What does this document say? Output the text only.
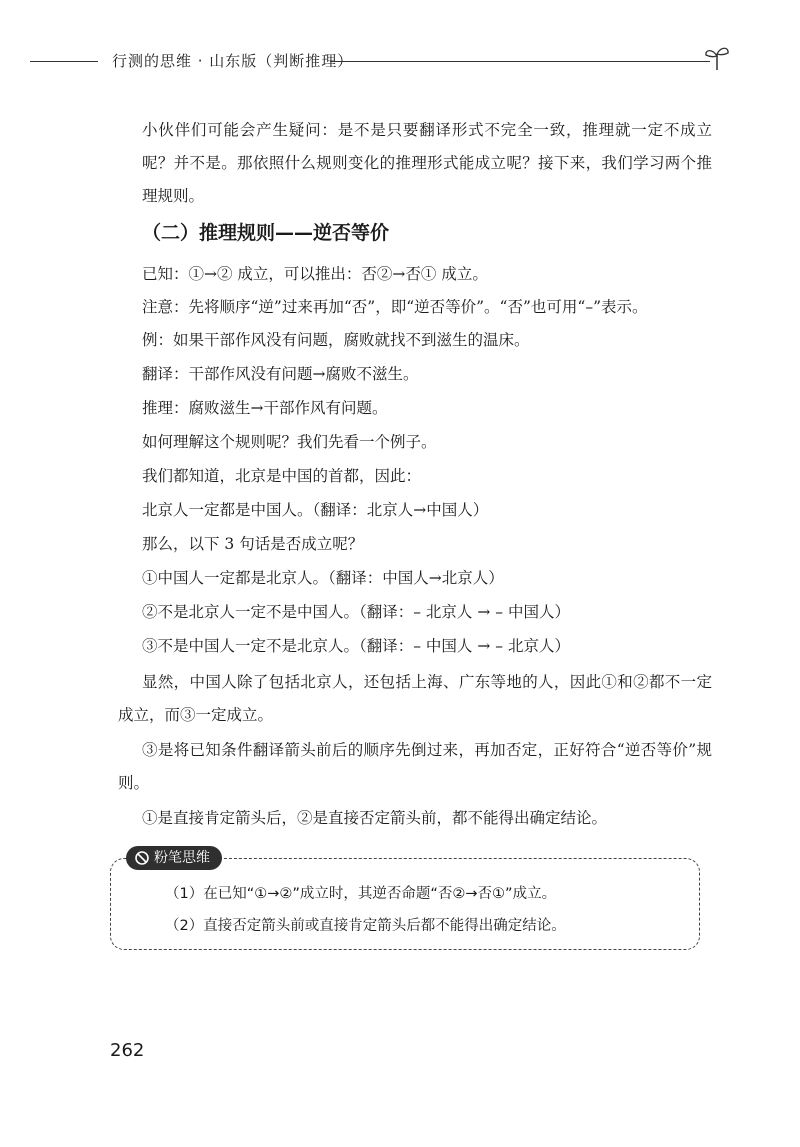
行测的思维 · 山东版（判断推理）

小伙伴们可能会产生疑问：是不是只要翻译形式不完全一致，推理就一定不成立呢？并不是。那依照什么规则变化的推理形式能成立呢？接下来，我们学习两个推理规则。

（二）推理规则——逆否等价

已知：①→② 成立，可以推出：否②→否① 成立。

注意：先将顺序“逆”过来再加“否”，即“逆否等价”。“否”也可用“–”表示。

例：如果干部作风没有问题，腐败就找不到滋生的温床。

翻译：干部作风没有问题→腐败不滋生。

推理：腐败滋生→干部作风有问题。

如何理解这个规则呢？我们先看一个例子。

我们都知道，北京是中国的首都，因此：

北京人一定都是中国人。（翻译：北京人→中国人）

那么，以下 3 句话是否成立呢？

①中国人一定都是北京人。（翻译：中国人→北京人）

②不是北京人一定不是中国人。（翻译：– 北京人 → – 中国人）

③不是中国人一定不是北京人。（翻译：– 中国人 → – 北京人）

显然，中国人除了包括北京人，还包括上海、广东等地的人，因此①和②都不一定成立，而③一定成立。

③是将已知条件翻译箭头前后的顺序先倒过来，再加否定，正好符合“逆否等价”规则。

①是直接肯定箭头后，②是直接否定箭头前，都不能得出确定结论。

粉笔思维

（1）在已知“①→②”成立时，其逆否命题“否②→否①”成立。

（2）直接否定箭头前或直接肯定箭头后都不能得出确定结论。

262
